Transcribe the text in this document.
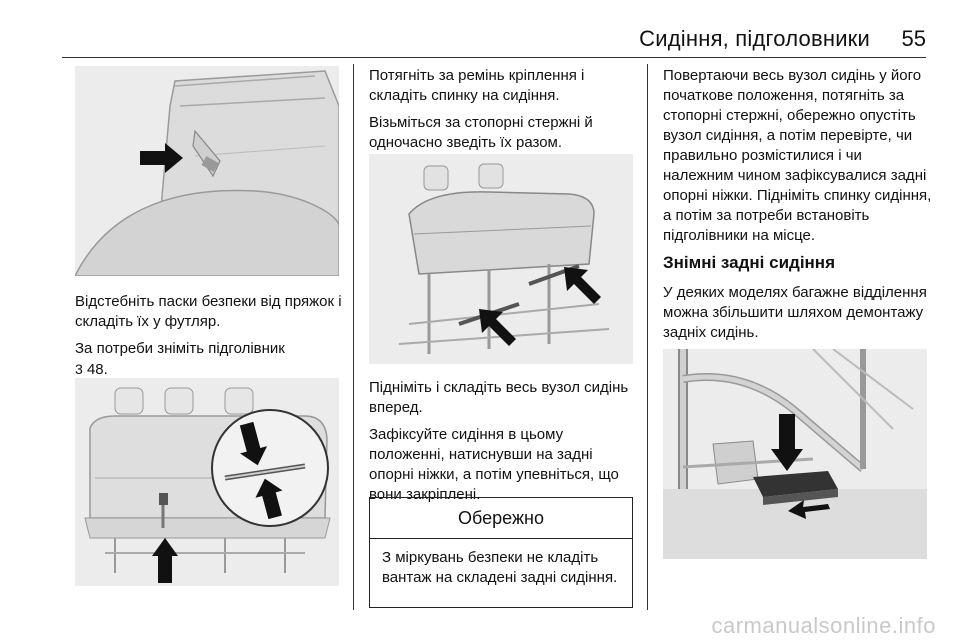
Сидіння, підголовники 55

Відстебніть паски безпеки від пряжок і складіть їх у футляр.

За потреби зніміть підголівник
3 48.

Потягніть за ремінь кріплення і складіть спинку на сидіння.

Візьміться за стопорні стержні й одночасно зведіть їх разом.

Підніміть і складіть весь вузол сидінь вперед.

Зафіксуйте сидіння в цьому положенні, натиснувши на задні опорні ніжки, а потім упевніться, що вони закріплені.

Обережно
З міркувань безпеки не кладіть вантаж на складені задні сидіння.

Повертаючи весь вузол сидінь у його початкове положення, потягніть за стопорні стержні, обережно опустіть вузол сидіння, а потім перевірте, чи правильно розмістилися і чи належним чином зафіксувалися задні опорні ніжки. Підніміть спинку сидіння, а потім за потреби встановіть підголівники на місце.

Знімні задні сидіння

У деяких моделях багажне відділення можна збільшити шляхом демонтажу задніх сидінь.

carmanualsonline.info
